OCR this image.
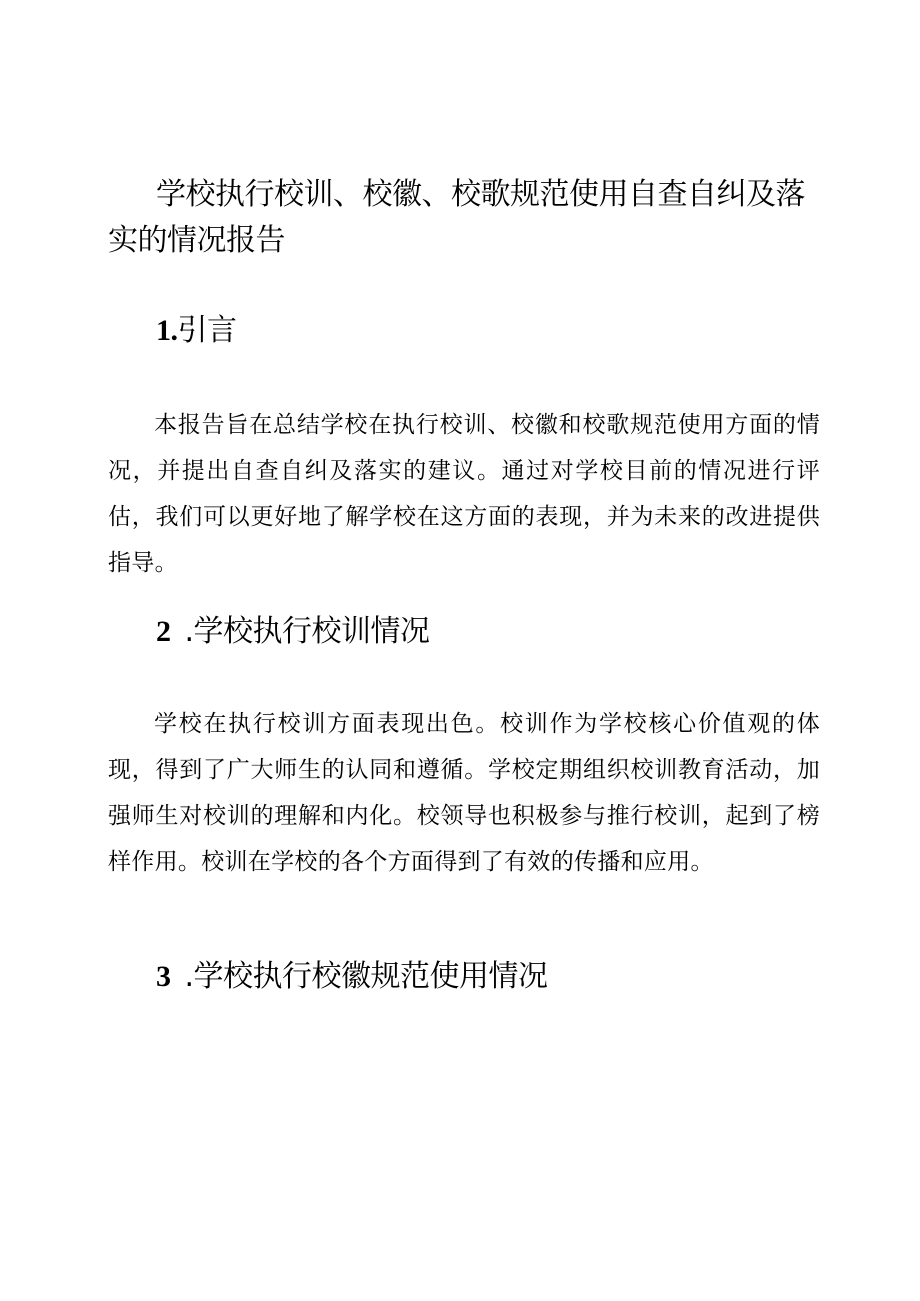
学校执行校训、校徽、校歌规范使用自查自纠及落实的情况报告
1.引言

本报告旨在总结学校在执行校训、校徽和校歌规范使用方面的情况，并提出自查自纠及落实的建议。通过对学校目前的情况进行评估，我们可以更好地了解学校在这方面的表现，并为未来的改进提供指导。

2 .学校执行校训情况

学校在执行校训方面表现出色。校训作为学校核心价值观的体现，得到了广大师生的认同和遵循。学校定期组织校训教育活动，加强师生对校训的理解和内化。校领导也积极参与推行校训，起到了榜样作用。校训在学校的各个方面得到了有效的传播和应用。

3 .学校执行校徽规范使用情况
